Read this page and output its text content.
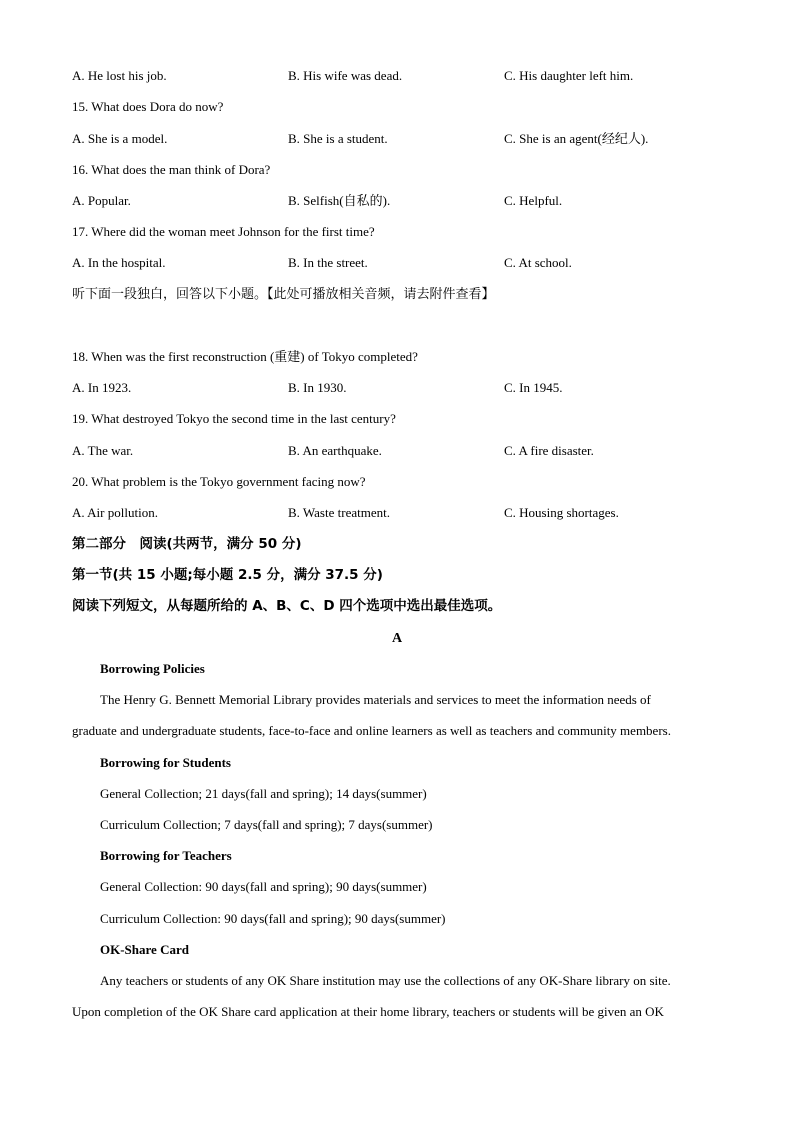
A. He lost his job.	B. His wife was dead.	C. His daughter left him.
15. What does Dora do now?
A. She is a model.	B. She is a student.	C. She is an agent(经纪人).
16. What does the man think of Dora?
A. Popular.	B. Selfish(自私的).	C. Helpful.
17. Where did the woman meet Johnson for the first time?
A. In the hospital.	B. In the street.	C. At school.
听下面一段独白，回答以下小题。【此处可播放相关音频，请去附件查看】
18. When was the first reconstruction (重建) of Tokyo completed?
A. In 1923.	B. In 1930.	C. In 1945.
19. What destroyed Tokyo the second time in the last century?
A. The war.	B. An earthquake.	C. A fire disaster.
20. What problem is the Tokyo government facing now?
A. Air pollution.	B. Waste treatment.	C. Housing shortages.
第二部分　阅读(共两节，满分 50 分)
第一节(共 15 小题;每小题 2.5 分，满分 37.5 分)
阅读下列短文，从每题所给的 A、B、C、D 四个选项中选出最佳选项。
A
Borrowing Policies
The Henry G. Bennett Memorial Library provides materials and services to meet the information needs of
graduate and undergraduate students, face-to-face and online learners as well as teachers and community members.
Borrowing for Students
General Collection; 21 days(fall and spring); 14 days(summer)
Curriculum Collection; 7 days(fall and spring); 7 days(summer)
Borrowing for Teachers
General Collection: 90 days(fall and spring); 90 days(summer)
Curriculum Collection: 90 days(fall and spring); 90 days(summer)
OK-Share Card
Any teachers or students of any OK Share institution may use the collections of any OK-Share library on site.
Upon completion of the OK Share card application at their home library, teachers or students will be given an OK
